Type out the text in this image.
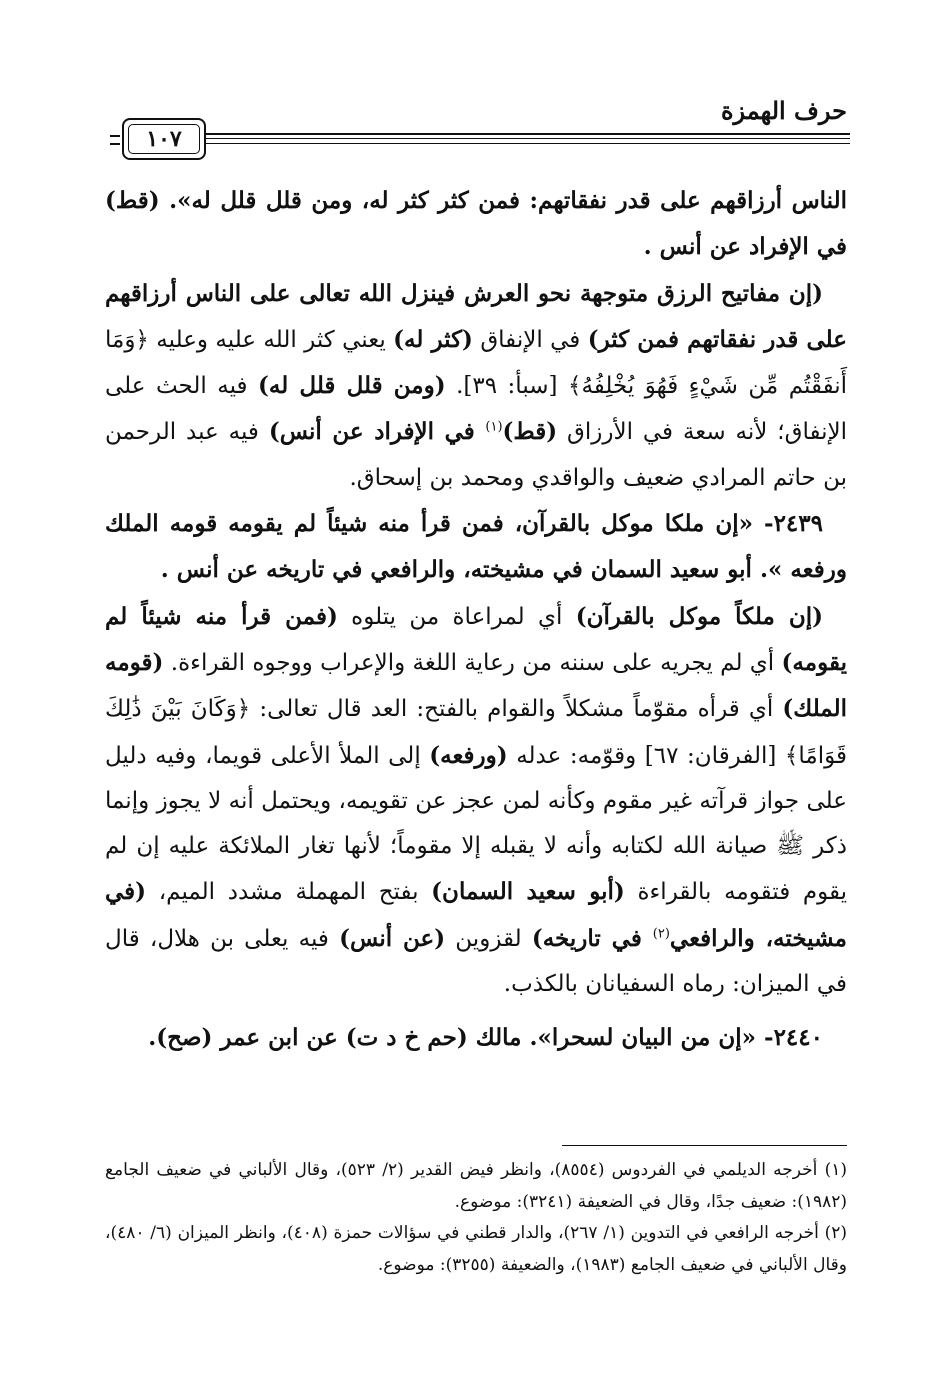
حرف الهمزة
١٠٧

الناس أرزاقهم على قدر نفقاتهم: فمن كثر كثر له، ومن قلل قلل له». (قط) في الإفراد عن أنس .

(إن مفاتيح الرزق متوجهة نحو العرش فينزل الله تعالى على الناس أرزاقهم على قدر نفقاتهم فمن كثر) في الإنفاق (كثر له) يعني كثر الله عليه وعليه ﴿وَمَا أَنفَقْتُم مِّن شَيْءٍ فَهُوَ يُخْلِفُهُ﴾ [سبأ: ٣٩]. (ومن قلل قلل له) فيه الحث على الإنفاق؛ لأنه سعة في الأرزاق (قط)$^{(١)}$ في الإفراد عن أنس) فيه عبد الرحمن بن حاتم المرادي ضعيف والواقدي ومحمد بن إسحاق.

٢٤٣٩- «إن ملكا موكل بالقرآن، فمن قرأ منه شيئاً لم يقومه قومه الملك ورفعه ». أبو سعيد السمان في مشيخته، والرافعي في تاريخه عن أنس .

(إن ملكاً موكل بالقرآن) أي لمراعاة من يتلوه (فمن قرأ منه شيئاً لم يقومه) أي لم يجريه على سننه من رعاية اللغة والإعراب ووجوه القراءة. (قومه الملك) أي قرأه مقوّماً مشكلاً والقوام بالفتح: العد قال تعالى: ﴿وَكَانَ بَيْنَ ذَٰلِكَ قَوَامًا﴾ [الفرقان: ٦٧] وقوّمه: عدله (ورفعه) إلى الملأ الأعلى قويما، وفيه دليل على جواز قرآته غير مقوم وكأنه لمن عجز عن تقويمه، ويحتمل أنه لا يجوز وإنما ذكر ﷺ صيانة الله لكتابه وأنه لا يقبله إلا مقوماً؛ لأنها تغار الملائكة عليه إن لم يقوم فتقومه بالقراءة (أبو سعيد السمان) بفتح المهملة مشدد الميم، (في مشيخته، والرافعي$^{(٢)}$ في تاريخه) لقزوين (عن أنس) فيه يعلى بن هلال، قال في الميزان: رماه السفيانان بالكذب.

٢٤٤٠- «إن من البيان لسحرا». مالك (حم خ د ت) عن ابن عمر (صح).

(١) أخرجه الديلمي في الفردوس (٨٥٥٤)، وانظر فيض القدير (٢/ ٥٢٣)، وقال الألباني في ضعيف الجامع (١٩٨٢): ضعيف جدًا، وقال في الضعيفة (٣٢٤١): موضوع.

(٢) أخرجه الرافعي في التدوين (١/ ٢٦٧)، والدار قطني في سؤالات حمزة (٤٠٨)، وانظر الميزان (٦/ ٤٨٠)، وقال الألباني في ضعيف الجامع (١٩٨٣)، والضعيفة (٣٢٥٥): موضوع.
